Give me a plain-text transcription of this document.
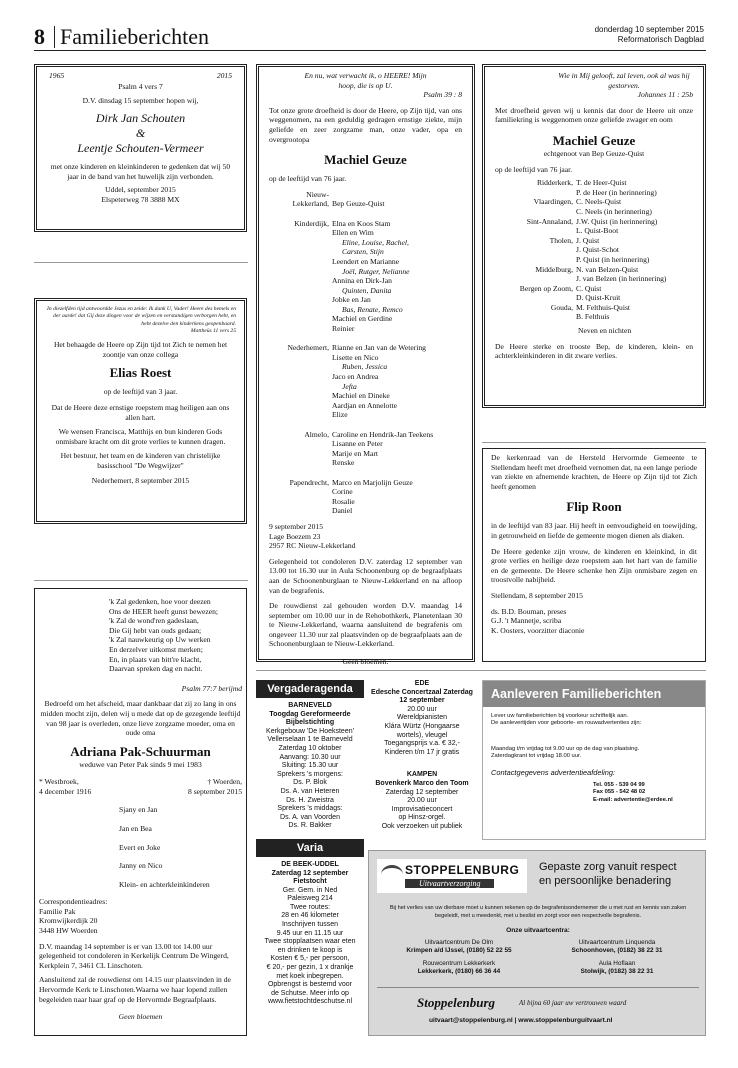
8 Familieberichten	donderdag 10 september 2015
Reformatorisch Dagblad
1965	2015

Psalm 4 vers 7

D.V. dinsdag 15 september hopen wij,

Dirk Jan Schouten

&

Leentje Schouten-Vermeer

met onze kinderen en kleinkinderen te gedenken dat wij 50 jaar in de band van het huwelijk zijn verbonden.

Uddel, september 2015

Elspeterweg 78 3888 MX

In diezelfden tijd antwoordde Jezus en zeide: Ik dank U, Vader! Heere des hemels en der aarde! dat Gij deze dingen voor de wijzen en verstandigen verborgen hebt, en hebt dezelve den kinderkens geopenbaard.

Mattheüs 11 vers 25

Het behaagde de Heere op Zijn tijd tot Zich te nemen het zoontje van onze collega

Elias Roest

op de leeftijd van 3 jaar.

Dat de Heere deze ernstige roepstem mag heiligen aan ons allen hart.

We wensen Francisca, Matthijs en bun kinderen Gods onmisbare kracht om dit grote verlies te kunnen dragen.

Het bestuur, het team en de kinderen van christelijke basisschool "De Wegwijzer"

Nederhemert, 8 september 2015

'k Zal gedenken, hoe voor deezen

Ons de HEER heeft gunst bewezen;

'k Zal de wond'ren gadeslaan,

Die Gij hebt van ouds gedaan;

'k Zal nauwkeurig op Uw werken

En derzelver uitkomst merken;

En, in plaats van bitt're klacht,

Daarvan spreken dag en nacht.

Psalm 77:7 berijmd

Bedroefd om het afscheid, maar dankbaar dat zij zo lang in ons midden mocht zijn, delen wij u mede dat op de gezegende leeftijd van 98 jaar is overleden, onze lieve zorgzame moeder, oma en oude oma

Adriana Pak-Schuurman

weduwe van Peter Pak sinds 9 mei 1983

* Westbroek,
4 december 1916
† Woerden,
8 september 2015

Sjany en Jan

Jan en Bea

Evert en Joke

Janny en Nico

Klein- en achterkleinkinderen

Correspondentieadres:

Familie Pak

Kromwijkerdijk 20

3448 HW Woerden

D.V. maandag 14 september is er van 13.00 tot 14.00 uur gelegenheid tot condoleren in Kerkelijk Centrum De Wingerd, Kerkplein 7, 3461 CL Linschoten.

Aansluitend zal de rouwdienst om 14.15 uur plaatsvinden in de Hervormde Kerk te Linschoten.Waarna we haar lopend zullen begeleiden naar haar graf op de Hervormde Begraafplaats.

Geen bloemen

En nu, wat verwacht ik, o HEERE! Mijn hoop, die is op U.

Psalm 39 : 8

Tot onze grote droefheid is door de Heere, op Zijn tijd, van ons weggenomen, na een geduldig gedragen ernstige ziekte, mijn geliefde en zeer zorgzame man, onze vader, opa en overgrootopa

Machiel Geuze

op de leeftijd van 76 jaar.

Nieuw-

Lekkerland, Bep Geuze-Quist

Kinderdijk, Elna en Koos Stam
Ellen en Wim
Eline, Louise, Rachel,
Carsten, Stijn
Leendert en Marianne
Joël, Rutger, Nelianne
Annina en Dirk-Jan
Quinten, Danita
Jobke en Jan
Bas, Renate, Remco
Machiel en Gerdine
Reinier

Nederhemert, Rianne en Jan van de Wetering
Lisette en Nico
Ruben, Jessica
Jaco en Andrea
Jefta
Machiel en Dineke
Aardjan en Annelotte
Elize

Almelo, Caroline en Hendrik-Jan Teekens
Lisanne en Peter
Marije en Mart
Renske

Papendrecht, Marco en Marjolijn Geuze
Corine
Rosalie
Daniel

9 september 2015

Lage Boezem 23

2957 RC Nieuw-Lekkerland

Gelegenheid tot condoleren D.V. zaterdag 12 september van 13.00 tot 16.30 uur in Aula Schoonenburg op de begraafplaats aan de Schoonenburglaan te Nieuw-Lekkerland en na afloop van de begrafenis.

De rouwdienst zal gehouden worden D.V. maandag 14 september om 10.00 uur in de Rehobothkerk, Planetenlaan 30 te Nieuw-Lekkerland, waarna aansluitend de begrafenis om ongeveer 11.30 uur zal plaatsvinden op de begraafplaats aan de Schoonenburglaan te Nieuw-Lekkerland.

Geen bloemen.

Wie in Mij gelooft, zal leven, ook al was hij gestorven.

Johannes 11 : 25b

Met droefheid geven wij u kennis dat door de Heere uit onze familiekring is weggenomen onze geliefde zwager en oom

Machiel Geuze

echtgenoot van Bep Geuze-Quist

op de leeftijd van 76 jaar.

Ridderkerk, T. de Heer-Quist
P. de Heer (in herinnering)
Vlaardingen, C. Neels-Quist
C. Neels (in herinnering)
Sint-Annaland, J.W. Quist (in herinnering)
L. Quist-Boot
Tholen, J. Quist
J. Quist-Schot
P. Quist (in herinnering)
Middelburg, N. van Belzen-Quist
J. van Belzen (in herinnering)
Bergen op Zoom, C. Quist
D. Quist-Kruit
Gouda, M. Felthuis-Quist
B. Felthuis

Neven en nichten

De Heere sterke en trooste Bep, de kinderen, klein- en achterkleinkinderen in dit zware verlies.

De kerkenraad van de Hersteld Hervormde Gemeente te Stellendam heeft met droefheid vernomen dat, na een lange periode van ziekte en afnemende krachten, de Heere op Zijn tijd tot Zich heeft genomen

Flip Roon

in de leeftijd van 83 jaar. Hij heeft in eenvoudigheid en toewijding, in getrouwheid en liefde de gemeente mogen dienen als diaken.

De Heere gedenke zijn vrouw, de kinderen en kleinkind, in dit grote verlies en heilige deze roepstem aan het hart van de familie en de gemeente. De Heere schenke hen Zijn onmisbare zegen en troostvolle nabijheid.

Stellendam, 8 september 2015

ds. B.D. Bouman, preses

G.J. 't Mannetje, scriba

K. Oosters, voorzitter diaconie

Vergaderagenda

BARNEVELD

Toogdag Gereformeerde Bijbelstichting

Kerkgebouw 'De Hoeksteen'

Vellerselaan 1 te Barneveld

Zaterdag 10 oktober

Aanvang: 10.30 uur

Sluiting: 15.30 uur

Sprekers 's morgens:

Ds. P. Blok

Ds. A. van Heteren

Ds. H. Zweistra

Sprekers 's middags:

Ds. A. van Voorden

Ds. R. Bakker

Varia

DE BEEK-UDDEL

Zaterdag 12 september Fietstocht

Ger. Gem. in Ned

Paleisweg 214

Twee routes:

28 en 46 kilometer

Inschrijven tussen

9.45 uur en 11.15 uur

Twee stopplaatsen waar eten

en drinken te koop is

Kosten € 5,- per persoon,

€ 20,- per gezin, 1 x drankje

met koek inbegrepen.

Opbrengst is bestemd voor

de Schutse. Meer info op

www.fietstochtdeschutse.nl

EDE

Edesche Concertzaal Zaterdag 12 september

20.00 uur

Wereldpianisten

Klára Würtz (Hongaarse

wortels), vleugel

Toegangsprijs v.a. € 32,-

Kinderen t/m 17 jr gratis

KAMPEN

Bovenkerk Marco den Toom

Zaterdag 12 september

20.00 uur

Improvisatieconcert

op Hinsz-orgel.

Ook verzoeken uit publiek

Aanleveren Familieberichten

Lever uw familieberichten bij voorkeur schriftelijk aan.

De aanlevertijden voor geboorte- en rouwadvertenties zijn:

Maandag t/m vrijdag tot 9.00 uur op de dag van plaatsing.

Zaterdagkrant tot vrijdag 18.00 uur.

Contactgegevens advertentieafdeling:

Tel. 055 - 539 04 99

Fax 055 - 542 48 02

E-mail: advertentie@erdee.nl

STOPPELENBURG

Uitvaartverzorging

Gepaste zorg vanuit respect

en persoonlijke benadering

Bij het verlies van uw dierbare moet u kunnen rekenen op de begrafenisondernemer die u met rust en kennis van zaken begeleidt, met u meedenkt, met u beslist en zorgt voor een respectvolle begrafenis.

Onze uitvaartcentra:

Uitvaartcentrum De Olm

Krimpen a/d IJssel, (0180) 52 22 55

Rouwcentrum Lekkerkerk

Lekkerkerk, (0180) 66 36 44

Uitvaartcentrum Linquenda

Schoonhoven, (0182) 38 22 31

Aula Hoflaan

Stolwijk, (0182) 38 22 31

Stoppelenburg	Al bijna 60 jaar uw vertrouwen waard

uitvaart@stoppelenburg.nl | www.stoppelenburguitvaart.nl
